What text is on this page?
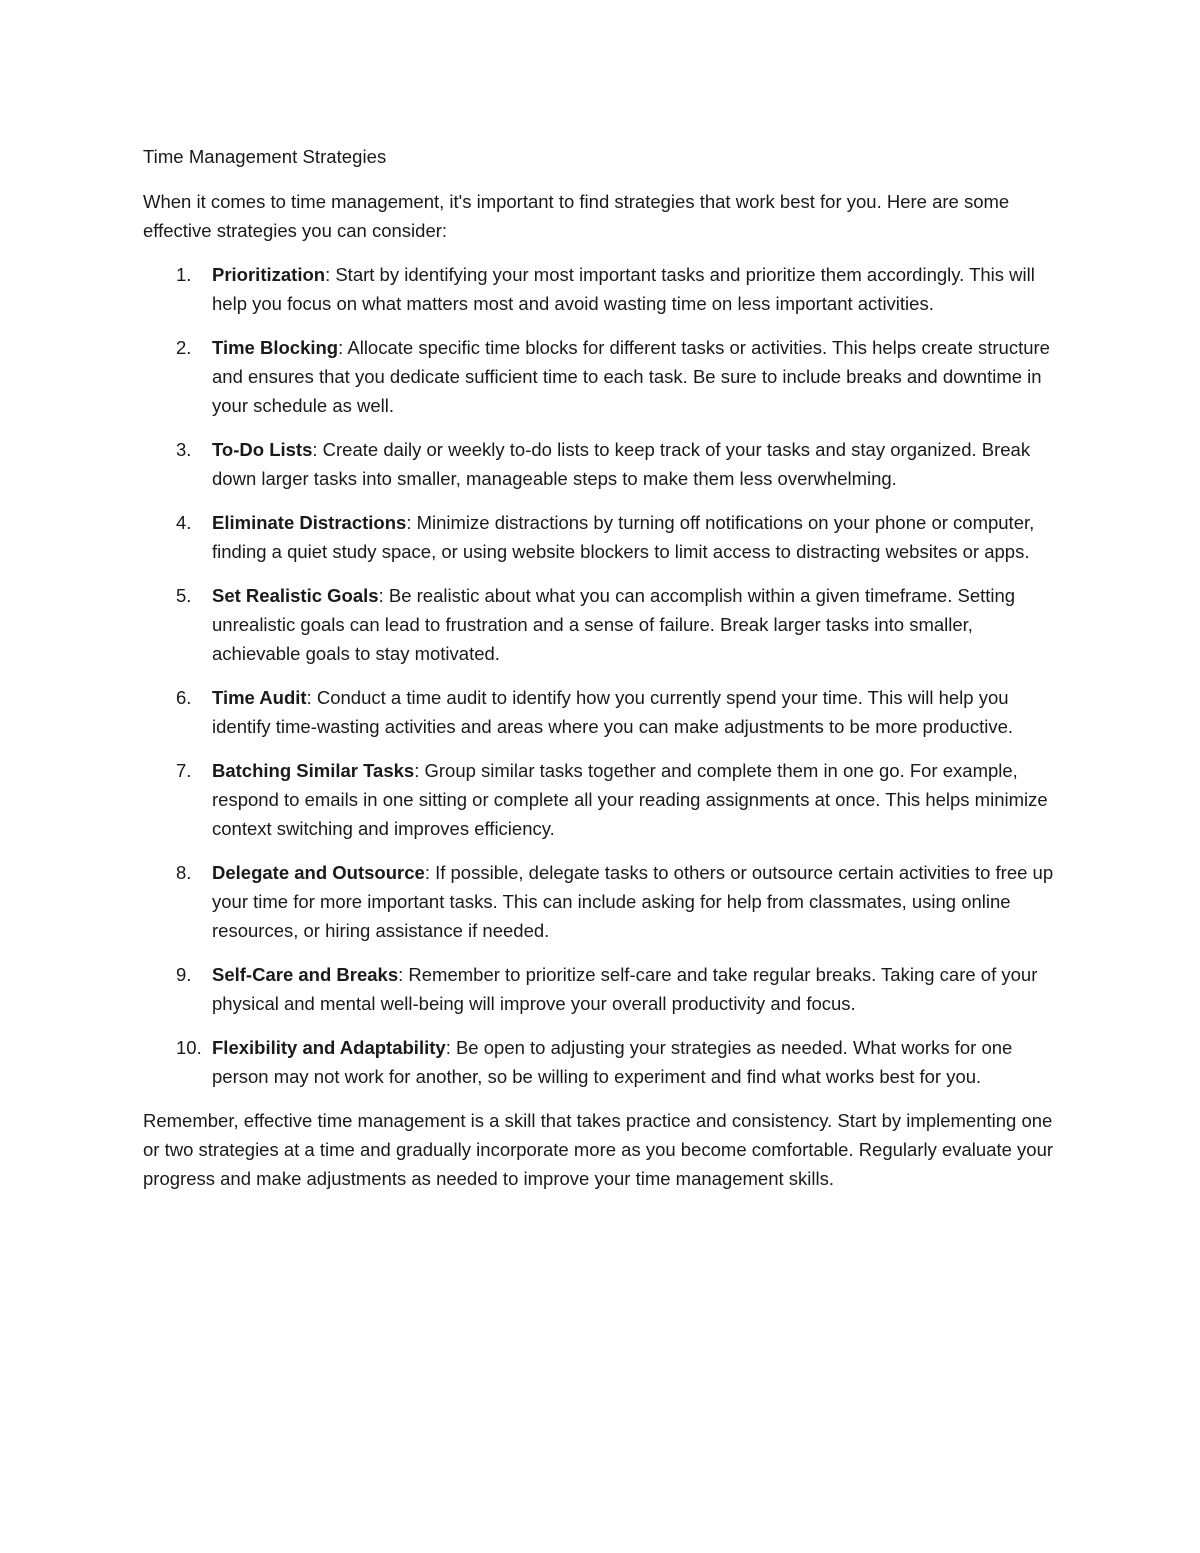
Time Management Strategies

When it comes to time management, it's important to find strategies that work best for you. Here are some effective strategies you can consider:

1. Prioritization: Start by identifying your most important tasks and prioritize them accordingly. This will help you focus on what matters most and avoid wasting time on less important activities.
2. Time Blocking: Allocate specific time blocks for different tasks or activities. This helps create structure and ensures that you dedicate sufficient time to each task. Be sure to include breaks and downtime in your schedule as well.
3. To-Do Lists: Create daily or weekly to-do lists to keep track of your tasks and stay organized. Break down larger tasks into smaller, manageable steps to make them less overwhelming.
4. Eliminate Distractions: Minimize distractions by turning off notifications on your phone or computer, finding a quiet study space, or using website blockers to limit access to distracting websites or apps.
5. Set Realistic Goals: Be realistic about what you can accomplish within a given timeframe. Setting unrealistic goals can lead to frustration and a sense of failure. Break larger tasks into smaller, achievable goals to stay motivated.
6. Time Audit: Conduct a time audit to identify how you currently spend your time. This will help you identify time-wasting activities and areas where you can make adjustments to be more productive.
7. Batching Similar Tasks: Group similar tasks together and complete them in one go. For example, respond to emails in one sitting or complete all your reading assignments at once. This helps minimize context switching and improves efficiency.
8. Delegate and Outsource: If possible, delegate tasks to others or outsource certain activities to free up your time for more important tasks. This can include asking for help from classmates, using online resources, or hiring assistance if needed.
9. Self-Care and Breaks: Remember to prioritize self-care and take regular breaks. Taking care of your physical and mental well-being will improve your overall productivity and focus.
10. Flexibility and Adaptability: Be open to adjusting your strategies as needed. What works for one person may not work for another, so be willing to experiment and find what works best for you.

Remember, effective time management is a skill that takes practice and consistency. Start by implementing one or two strategies at a time and gradually incorporate more as you become comfortable. Regularly evaluate your progress and make adjustments as needed to improve your time management skills.
